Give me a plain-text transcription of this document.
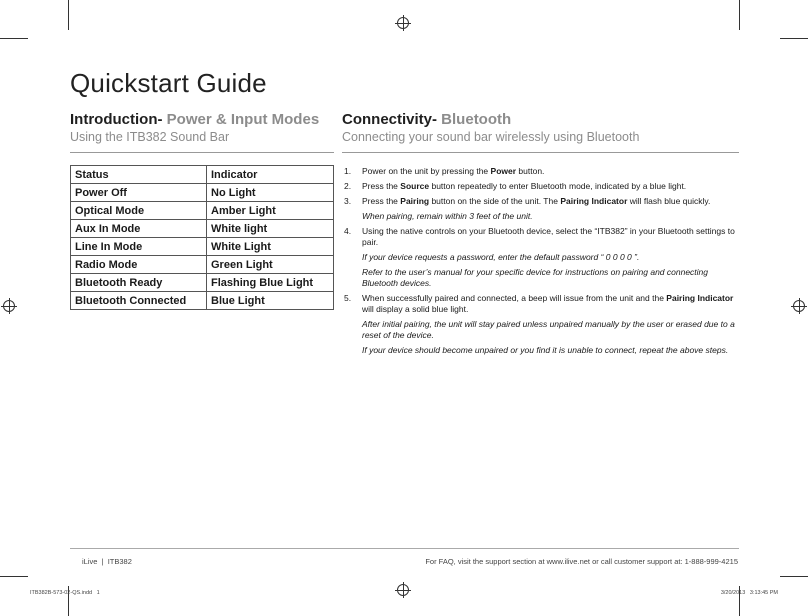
Quickstart Guide
Introduction- Power & Input Modes
Using the ITB382 Sound Bar
Status	Indicator
Power Off	No Light
Optical Mode	Amber Light
Aux In Mode	White light
Line In Mode	White Light
Radio Mode	Green Light
Bluetooth Ready	Flashing Blue Light
Bluetooth Connected	Blue Light
Connectivity- Bluetooth
Connecting your sound bar wirelessly using Bluetooth
1. Power on the unit by pressing the Power button.
2. Press the Source button repeatedly to enter Bluetooth mode, indicated by a blue light.
3. Press the Pairing button on the side of the unit. The Pairing Indicator will flash blue quickly.
When pairing, remain within 3 feet of the unit.
4. Using the native controls on your Bluetooth device, select the “ITB382” in your Bluetooth settings to pair.
If your device requests a password, enter the default password “ 0 0 0 0 ”.
Refer to the user’s manual for your specific device for instructions on pairing and connecting Bluetooth devices.
5. When successfully paired and connected, a beep will issue from the unit and the Pairing Indicator will display a solid blue light.
After initial pairing, the unit will stay paired unless unpaired manually by the user or erased due to a reset of the device.
If your device should become unpaired or you find it is unable to connect, repeat the above steps.
iLive  |  ITB382	For FAQ, visit the support section at www.ilive.net or call customer support at: 1-888-999-4215
ITB382B-573-02-QS.indd   1	3/20/2013   3:13:45 PM
